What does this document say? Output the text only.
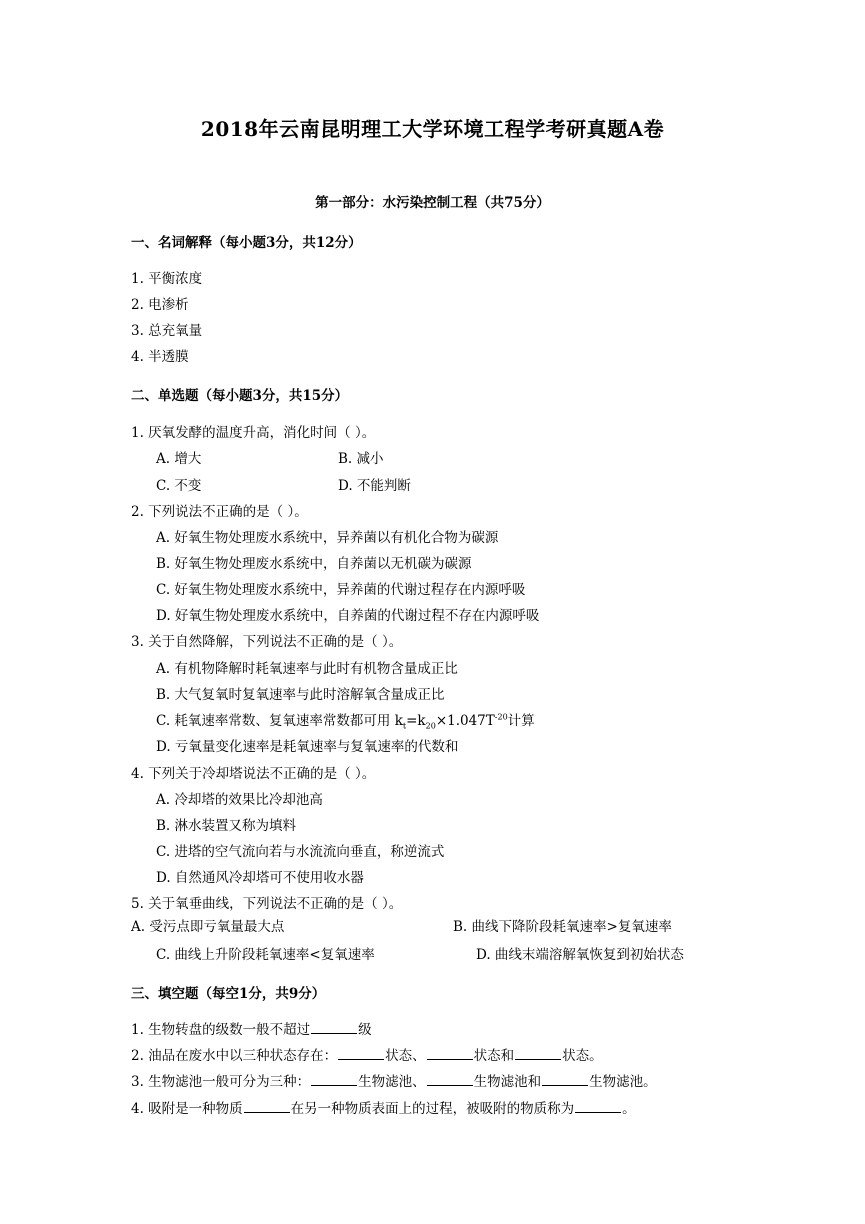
2018年云南昆明理工大学环境工程学考研真题A卷
第一部分：水污染控制工程（共75分）
一、名词解释（每小题3分，共12分）
1. 平衡浓度
2. 电渗析
3. 总充氧量
4. 半透膜
二、单选题（每小题3分，共15分）
1. 厌氧发酵的温度升高，消化时间（ ）。
A. 增大	B. 减小
C. 不变	D. 不能判断
2. 下列说法不正确的是（ ）。
A. 好氧生物处理废水系统中，异养菌以有机化合物为碳源
B. 好氧生物处理废水系统中，自养菌以无机碳为碳源
C. 好氧生物处理废水系统中，异养菌的代谢过程存在内源呼吸
D. 好氧生物处理废水系统中，自养菌的代谢过程不存在内源呼吸
3. 关于自然降解，下列说法不正确的是（ ）。
A. 有机物降解时耗氧速率与此时有机物含量成正比
B. 大气复氧时复氧速率与此时溶解氧含量成正比
C. 耗氧速率常数、复氧速率常数都可用 $k_t=k_{20}\times 1.047T^{-20}$计算
D. 亏氧量变化速率是耗氧速率与复氧速率的代数和
4. 下列关于冷却塔说法不正确的是（ ）。
A. 冷却塔的效果比冷却池高
B. 淋水装置又称为填料
C. 进塔的空气流向若与水流流向垂直，称逆流式
D. 自然通风冷却塔可不使用收水器
5. 关于氧垂曲线，下列说法不正确的是（ ）。
A. 受污点即亏氧量最大点	B. 曲线下降阶段耗氧速率>复氧速率
C. 曲线上升阶段耗氧速率<复氧速率	D. 曲线末端溶解氧恢复到初始状态
三、填空题（每空1分，共9分）
1. 生物转盘的级数一般不超过	级
2. 油品在废水中以三种状态存在：	状态、	状态和	状态。
3. 生物滤池一般可分为三种：	生物滤池、	生物滤池和	生物滤池。
4. 吸附是一种物质	在另一种物质表面上的过程，被吸附的物质称为	。
